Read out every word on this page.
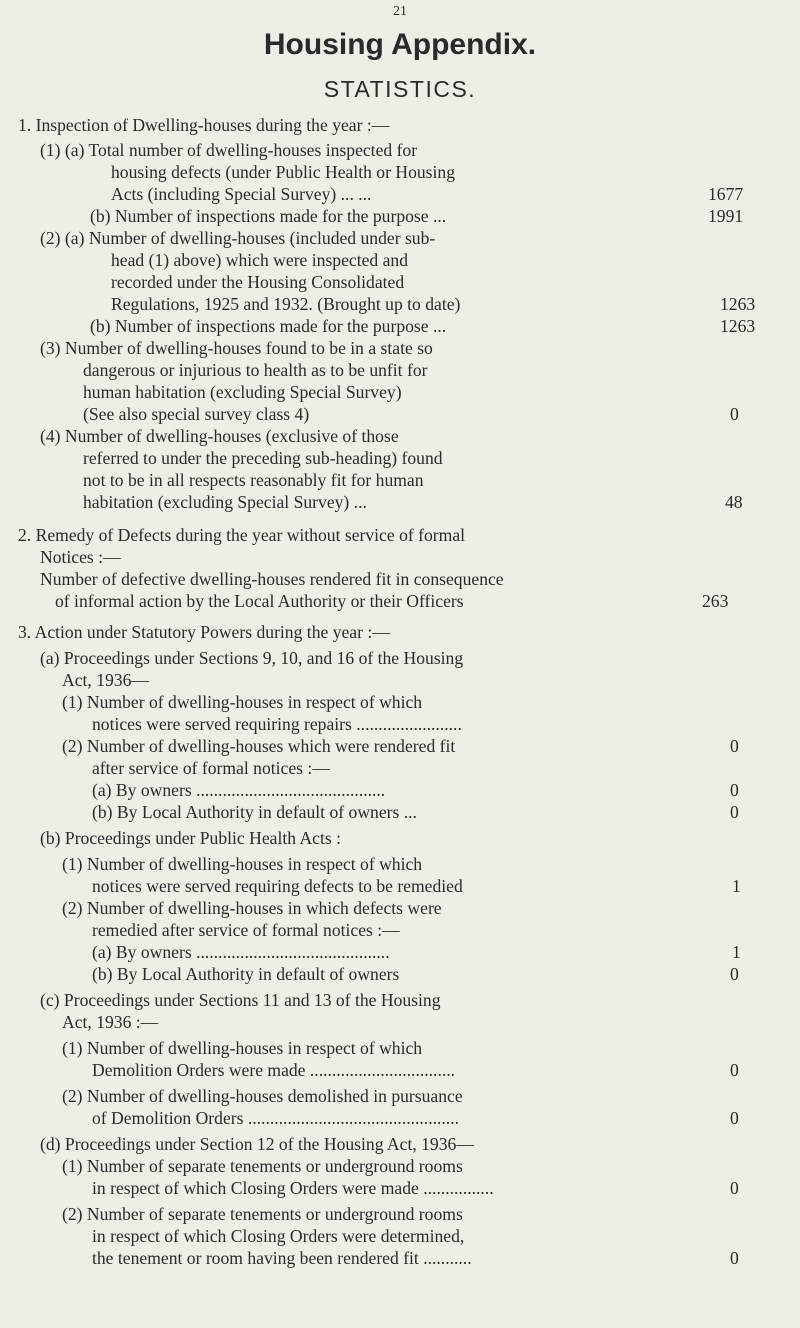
21
Housing Appendix.
STATISTICS.
1. Inspection of Dwelling-houses during the year :—
(1) (a) Total number of dwelling-houses inspected for
housing defects (under Public Health or Housing
Acts (including Special Survey) ... ...
(b) Number of inspections made for the purpose ...
(2) (a) Number of dwelling-houses (included under sub-
head (1) above) which were inspected and
recorded under the Housing Consolidated
Regulations, 1925 and 1932. (Brought up to date)
(b) Number of inspections made for the purpose ...
(3) Number of dwelling-houses found to be in a state so
dangerous or injurious to health as to be unfit for
human habitation (excluding Special Survey)
(See also special survey class 4)
(4) Number of dwelling-houses (exclusive of those
referred to under the preceding sub-heading) found
not to be in all respects reasonably fit for human
habitation (excluding Special Survey) ...
2. Remedy of Defects during the year without service of formal
Notices :—
Number of defective dwelling-houses rendered fit in consequence
of informal action by the Local Authority or their Officers
3. Action under Statutory Powers during the year :—
(a) Proceedings under Sections 9, 10, and 16 of the Housing
Act, 1936—
(1) Number of dwelling-houses in respect of which
notices were served requiring repairs ........................
(2) Number of dwelling-houses which were rendered fit
after service of formal notices :—
(a) By owners ...........................................
(b) By Local Authority in default of owners ...
(b) Proceedings under Public Health Acts :
(1) Number of dwelling-houses in respect of which
notices were served requiring defects to be remedied
(2) Number of dwelling-houses in which defects were
remedied after service of formal notices :—
(a) By owners ............................................
(b) By Local Authority in default of owners
(c) Proceedings under Sections 11 and 13 of the Housing
Act, 1936 :—
(1) Number of dwelling-houses in respect of which
Demolition Orders were made .................................
(2) Number of dwelling-houses demolished in pursuance
of Demolition Orders ................................................
(d) Proceedings under Section 12 of the Housing Act, 1936—
(1) Number of separate tenements or underground rooms
in respect of which Closing Orders were made ................
(2) Number of separate tenements or underground rooms
in respect of which Closing Orders were determined,
the tenement or room having been rendered fit ...........
1677
1991
1263
1263
0
48
263
0
0
0
1
1
0
0
0
0
0
